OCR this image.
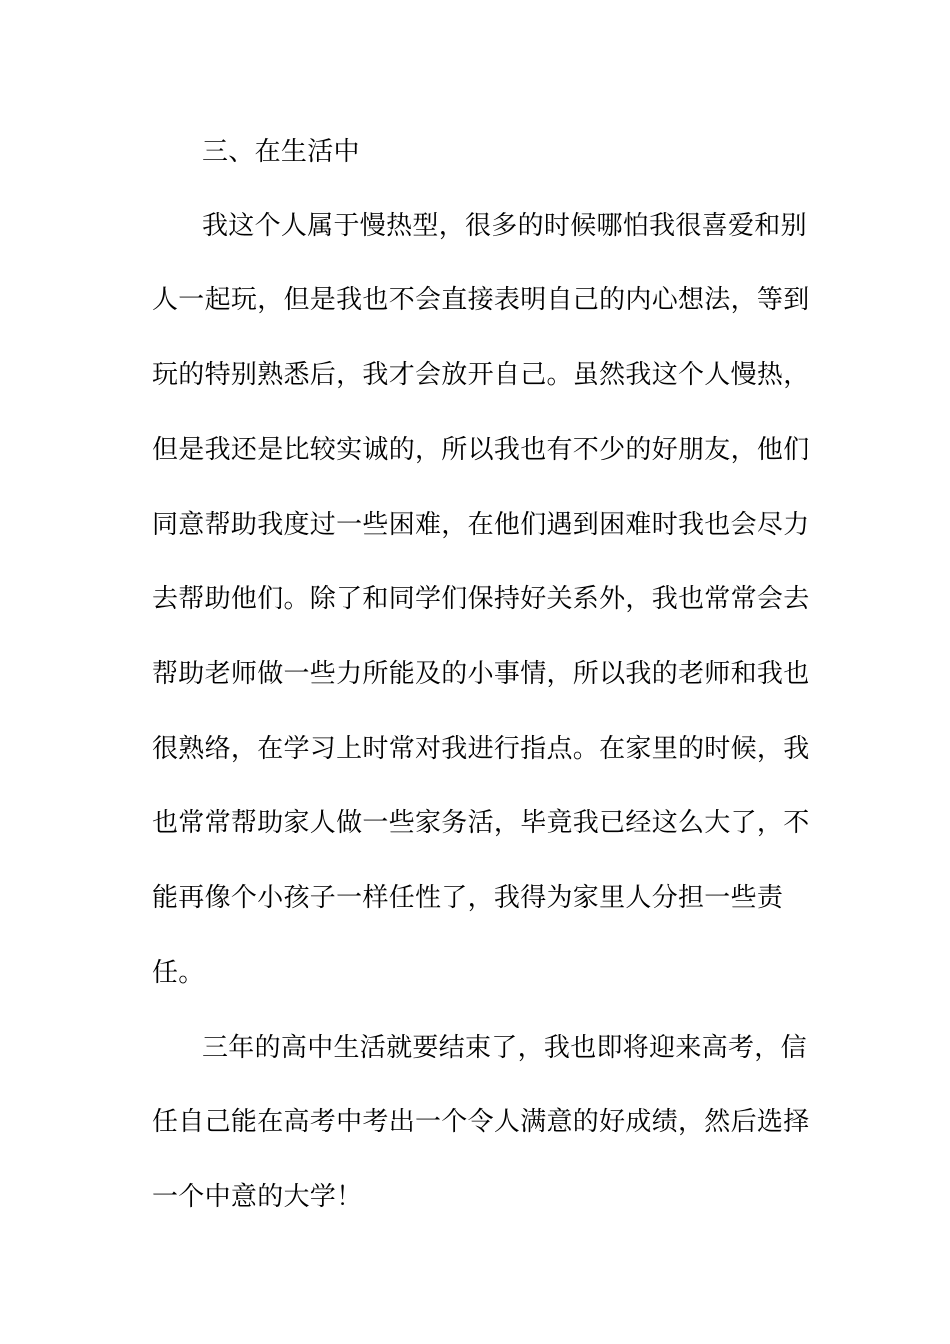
三、在生活中
我这个人属于慢热型，很多的时候哪怕我很喜爱和别
人一起玩，但是我也不会直接表明自己的内心想法，等到
玩的特别熟悉后，我才会放开自己。虽然我这个人慢热，
但是我还是比较实诚的，所以我也有不少的好朋友，他们
同意帮助我度过一些困难，在他们遇到困难时我也会尽力
去帮助他们。除了和同学们保持好关系外，我也常常会去
帮助老师做一些力所能及的小事情，所以我的老师和我也
很熟络，在学习上时常对我进行指点。在家里的时候，我
也常常帮助家人做一些家务活，毕竟我已经这么大了，不
能再像个小孩子一样任性了，我得为家里人分担一些责
任。
三年的高中生活就要结束了，我也即将迎来高考，信
任自己能在高考中考出一个令人满意的好成绩，然后选择
一个中意的大学！
